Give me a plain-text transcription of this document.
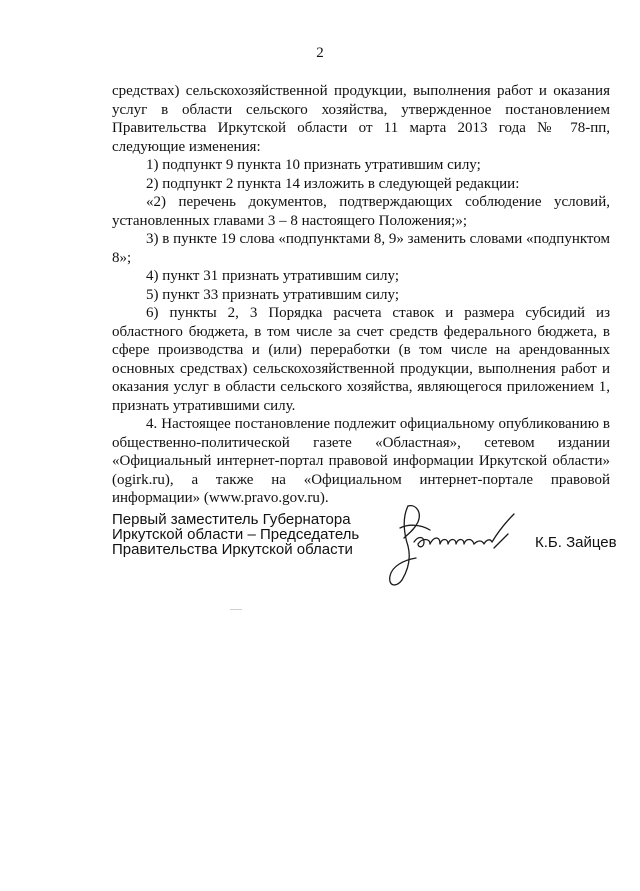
2

средствах) сельскохозяйственной продукции, выполнения работ и оказания услуг в области сельского хозяйства, утвержденное постановлением Правительства Иркутской области от 11 марта 2013 года № 78-пп, следующие изменения:

1) подпункт 9 пункта 10 признать утратившим силу;

2) подпункт 2 пункта 14 изложить в следующей редакции:

«2) перечень документов, подтверждающих соблюдение условий, установленных главами 3 – 8 настоящего Положения;»;

3) в пункте 19 слова «подпунктами 8, 9» заменить словами «подпунктом 8»;

4) пункт 31 признать утратившим силу;

5) пункт 33 признать утратившим силу;

6) пункты 2, 3 Порядка расчета ставок и размера субсидий из областного бюджета, в том числе за счет средств федерального бюджета, в сфере производства и (или) переработки (в том числе на арендованных основных средствах) сельскохозяйственной продукции, выполнения работ и оказания услуг в области сельского хозяйства, являющегося приложением 1, признать утратившими силу.

4. Настоящее постановление подлежит официальному опубликованию в общественно-политической газете «Областная», сетевом издании «Официальный интернет-портал правовой информации Иркутской области» (ogirk.ru), а также на «Официальном интернет-портале правовой информации» (www.pravo.gov.ru).

Первый заместитель Губернатора
Иркутской области – Председатель
Правительства Иркутской области	К.Б. Зайцев
